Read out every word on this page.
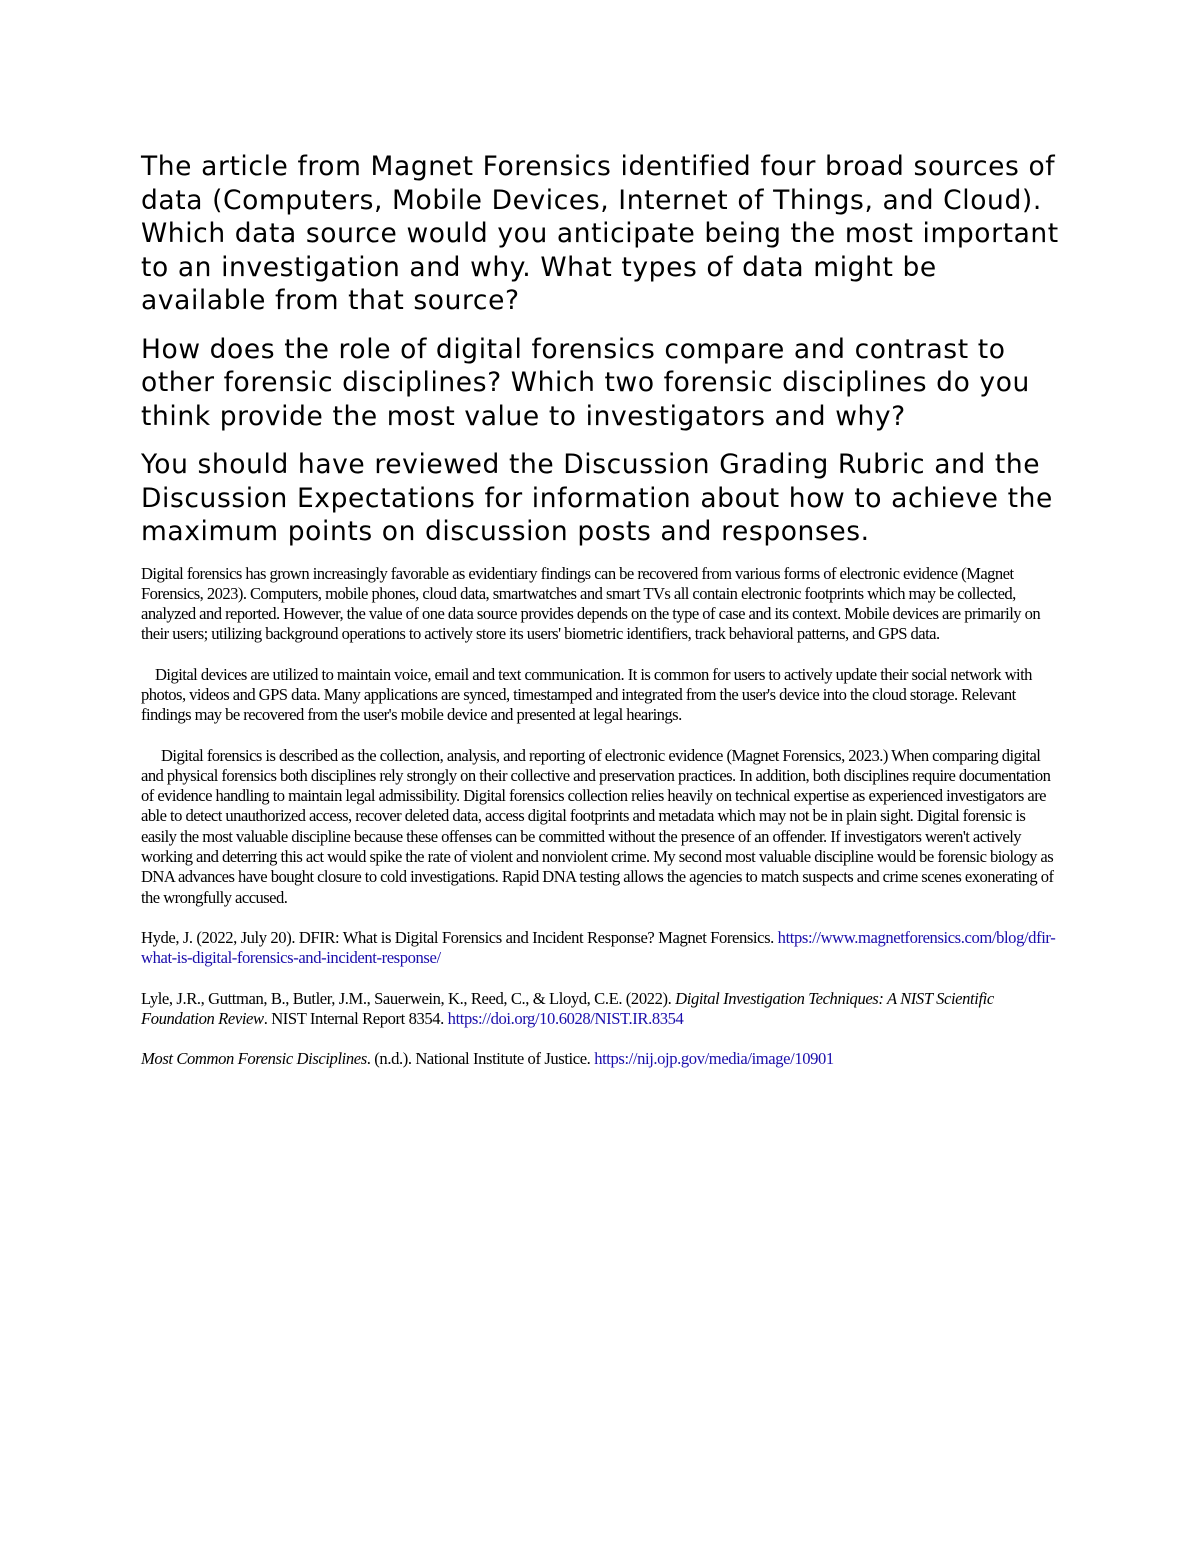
The article from Magnet Forensics identified four broad sources of data (Computers, Mobile Devices, Internet of Things, and Cloud). Which data source would you anticipate being the most important to an investigation and why. What types of data might be available from that source?

How does the role of digital forensics compare and contrast to other forensic disciplines? Which two forensic disciplines do you think provide the most value to investigators and why?

You should have reviewed the Discussion Grading Rubric and the Discussion Expectations for information about how to achieve the maximum points on discussion posts and responses.

Digital forensics has grown increasingly favorable as evidentiary findings can be recovered from various forms of electronic evidence (Magnet Forensics, 2023). Computers, mobile phones, cloud data, smartwatches and smart TVs all contain electronic footprints which may be collected, analyzed and reported. However, the value of one data source provides depends on the type of case and its context. Mobile devices are primarily on their users; utilizing background operations to actively store its users' biometric identifiers, track behavioral patterns, and GPS data.

Digital devices are utilized to maintain voice, email and text communication. It is common for users to actively update their social network with photos, videos and GPS data. Many applications are synced, timestamped and integrated from the user's device into the cloud storage. Relevant findings may be recovered from the user's mobile device and presented at legal hearings.

Digital forensics is described as the collection, analysis, and reporting of electronic evidence (Magnet Forensics, 2023.) When comparing digital and physical forensics both disciplines rely strongly on their collective and preservation practices. In addition, both disciplines require documentation of evidence handling to maintain legal admissibility. Digital forensics collection relies heavily on technical expertise as experienced investigators are able to detect unauthorized access, recover deleted data, access digital footprints and metadata which may not be in plain sight. Digital forensic is easily the most valuable discipline because these offenses can be committed without the presence of an offender. If investigators weren't actively working and deterring this act would spike the rate of violent and nonviolent crime. My second most valuable discipline would be forensic biology as DNA advances have bought closure to cold investigations. Rapid DNA testing allows the agencies to match suspects and crime scenes exonerating of the wrongfully accused.

Hyde, J. (2022, July 20). DFIR: What is Digital Forensics and Incident Response? Magnet Forensics. https://www.magnetforensics.com/blog/dfir-what-is-digital-forensics-and-incident-response/

Lyle, J.R., Guttman, B., Butler, J.M., Sauerwein, K., Reed, C., & Lloyd, C.E. (2022). Digital Investigation Techniques: A NIST Scientific Foundation Review. NIST Internal Report 8354. https://doi.org/10.6028/NIST.IR.8354

Most Common Forensic Disciplines. (n.d.). National Institute of Justice. https://nij.ojp.gov/media/image/10901
